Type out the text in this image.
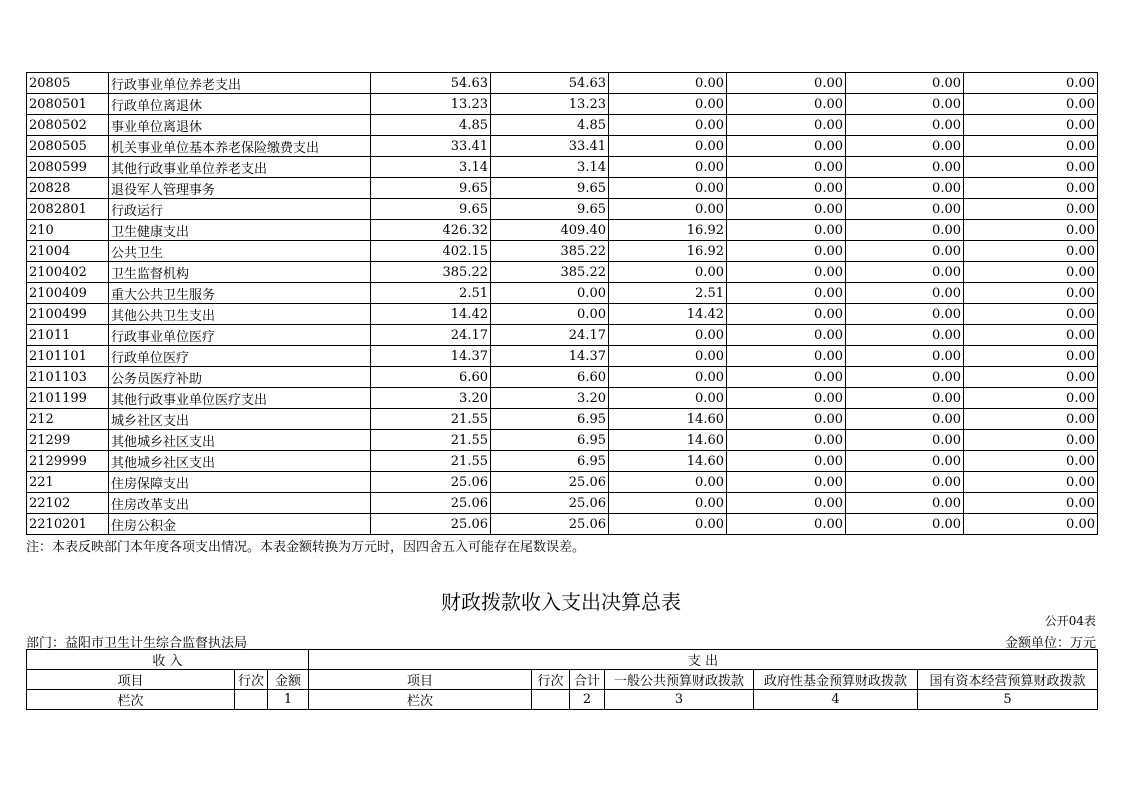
20805	行政事业单位养老支出	54.63	54.63	0.00	0.00	0.00	0.00
2080501	行政单位离退休	13.23	13.23	0.00	0.00	0.00	0.00
2080502	事业单位离退休	4.85	4.85	0.00	0.00	0.00	0.00
2080505	机关事业单位基本养老保险缴费支出	33.41	33.41	0.00	0.00	0.00	0.00
2080599	其他行政事业单位养老支出	3.14	3.14	0.00	0.00	0.00	0.00
20828	退役军人管理事务	9.65	9.65	0.00	0.00	0.00	0.00
2082801	行政运行	9.65	9.65	0.00	0.00	0.00	0.00
210	卫生健康支出	426.32	409.40	16.92	0.00	0.00	0.00
21004	公共卫生	402.15	385.22	16.92	0.00	0.00	0.00
2100402	卫生监督机构	385.22	385.22	0.00	0.00	0.00	0.00
2100409	重大公共卫生服务	2.51	0.00	2.51	0.00	0.00	0.00
2100499	其他公共卫生支出	14.42	0.00	14.42	0.00	0.00	0.00
21011	行政事业单位医疗	24.17	24.17	0.00	0.00	0.00	0.00
2101101	行政单位医疗	14.37	14.37	0.00	0.00	0.00	0.00
2101103	公务员医疗补助	6.60	6.60	0.00	0.00	0.00	0.00
2101199	其他行政事业单位医疗支出	3.20	3.20	0.00	0.00	0.00	0.00
212	城乡社区支出	21.55	6.95	14.60	0.00	0.00	0.00
21299	其他城乡社区支出	21.55	6.95	14.60	0.00	0.00	0.00
2129999	其他城乡社区支出	21.55	6.95	14.60	0.00	0.00	0.00
221	住房保障支出	25.06	25.06	0.00	0.00	0.00	0.00
22102	住房改革支出	25.06	25.06	0.00	0.00	0.00	0.00
2210201	住房公积金	25.06	25.06	0.00	0.00	0.00	0.00
注：本表反映部门本年度各项支出情况。本表金额转换为万元时，因四舍五入可能存在尾数误差。
财政拨款收入支出决算总表
公开04表
部门：益阳市卫生计生综合监督执法局	金额单位：万元
收 入			支 出					
项目	行次	金额	项目	行次	合计	一般公共预算财政拨款	政府性基金预算财政拨款	国有资本经营预算财政拨款
栏次		1	栏次		2	3	4	5
